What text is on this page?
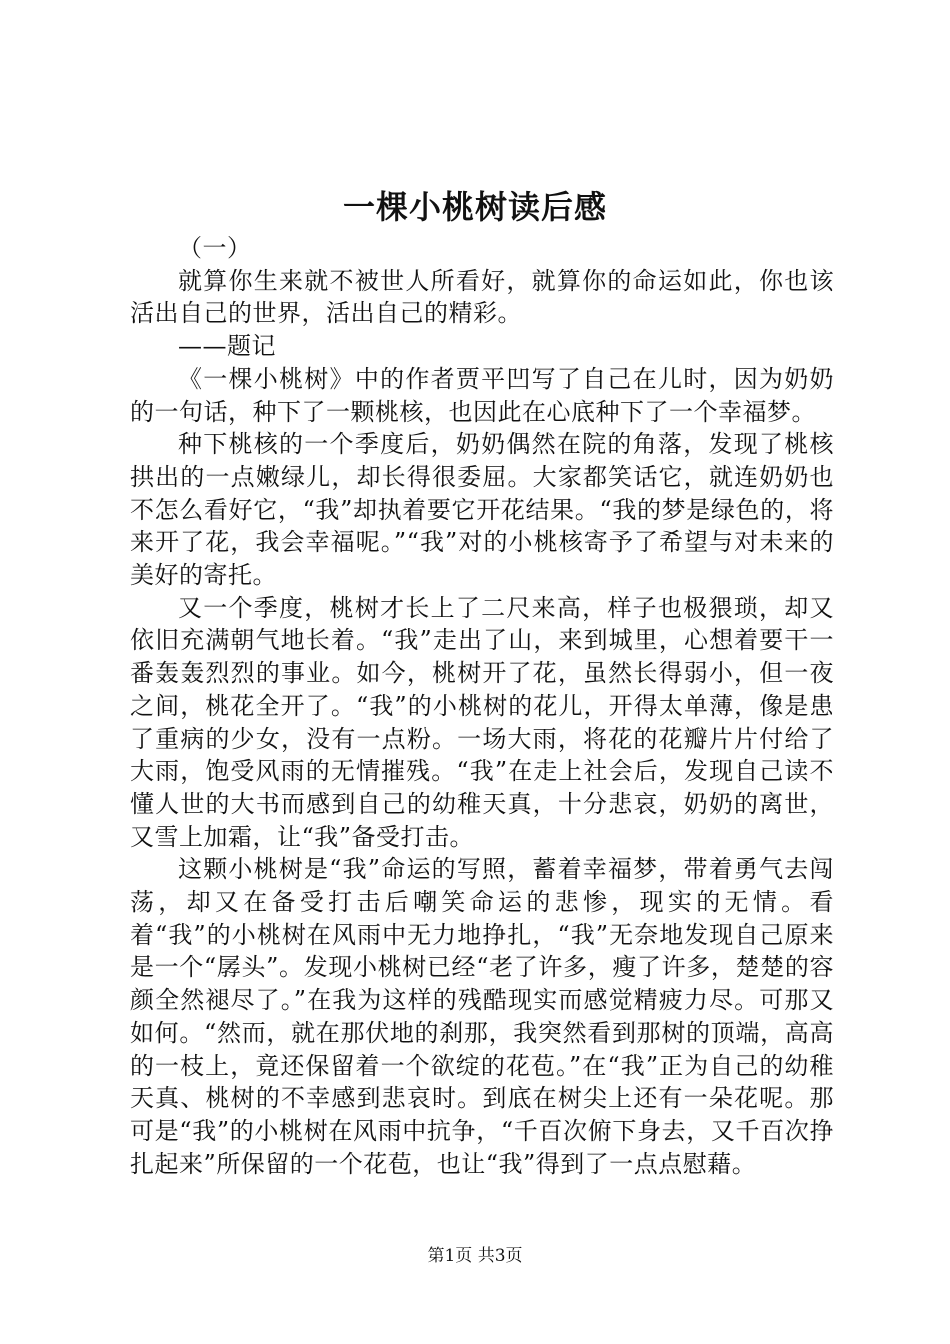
一棵小桃树读后感

（一）

就算你生来就不被世人所看好，就算你的命运如此，你也该活出自己的世界，活出自己的精彩。

——题记

《一棵小桃树》中的作者贾平凹写了自己在儿时，因为奶奶的一句话，种下了一颗桃核，也因此在心底种下了一个幸福梦。

种下桃核的一个季度后，奶奶偶然在院的角落，发现了桃核拱出的一点嫩绿儿，却长得很委屈。大家都笑话它，就连奶奶也不怎么看好它，“我”却执着要它开花结果。“我的梦是绿色的，将来开了花，我会幸福呢。”“我”对的小桃核寄予了希望与对未来的美好的寄托。

又一个季度，桃树才长上了二尺来高，样子也极猥琐，却又依旧充满朝气地长着。“我”走出了山，来到城里，心想着要干一番轰轰烈烈的事业。如今，桃树开了花，虽然长得弱小，但一夜之间，桃花全开了。“我”的小桃树的花儿，开得太单薄，像是患了重病的少女，没有一点粉。一场大雨，将花的花瓣片片付给了大雨，饱受风雨的无情摧残。“我”在走上社会后，发现自己读不懂人世的大书而感到自己的幼稚天真，十分悲哀，奶奶的离世，又雪上加霜，让“我”备受打击。

这颗小桃树是“我”命运的写照，蓄着幸福梦，带着勇气去闯荡，却又在备受打击后嘲笑命运的悲惨，现实的无情。看着“我”的小桃树在风雨中无力地挣扎，“我”无奈地发现自己原来是一个“孱头”。发现小桃树已经“老了许多，瘦了许多，楚楚的容颜全然褪尽了。”在我为这样的残酷现实而感觉精疲力尽。可那又如何。“然而，就在那伏地的刹那，我突然看到那树的顶端，高高的一枝上，竟还保留着一个欲绽的花苞。”在“我”正为自己的幼稚天真、桃树的不幸感到悲哀时。到底在树尖上还有一朵花呢。那可是“我”的小桃树在风雨中抗争，“千百次俯下身去，又千百次挣扎起来”所保留的一个花苞，也让“我”得到了一点点慰藉。

第1页 共3页
